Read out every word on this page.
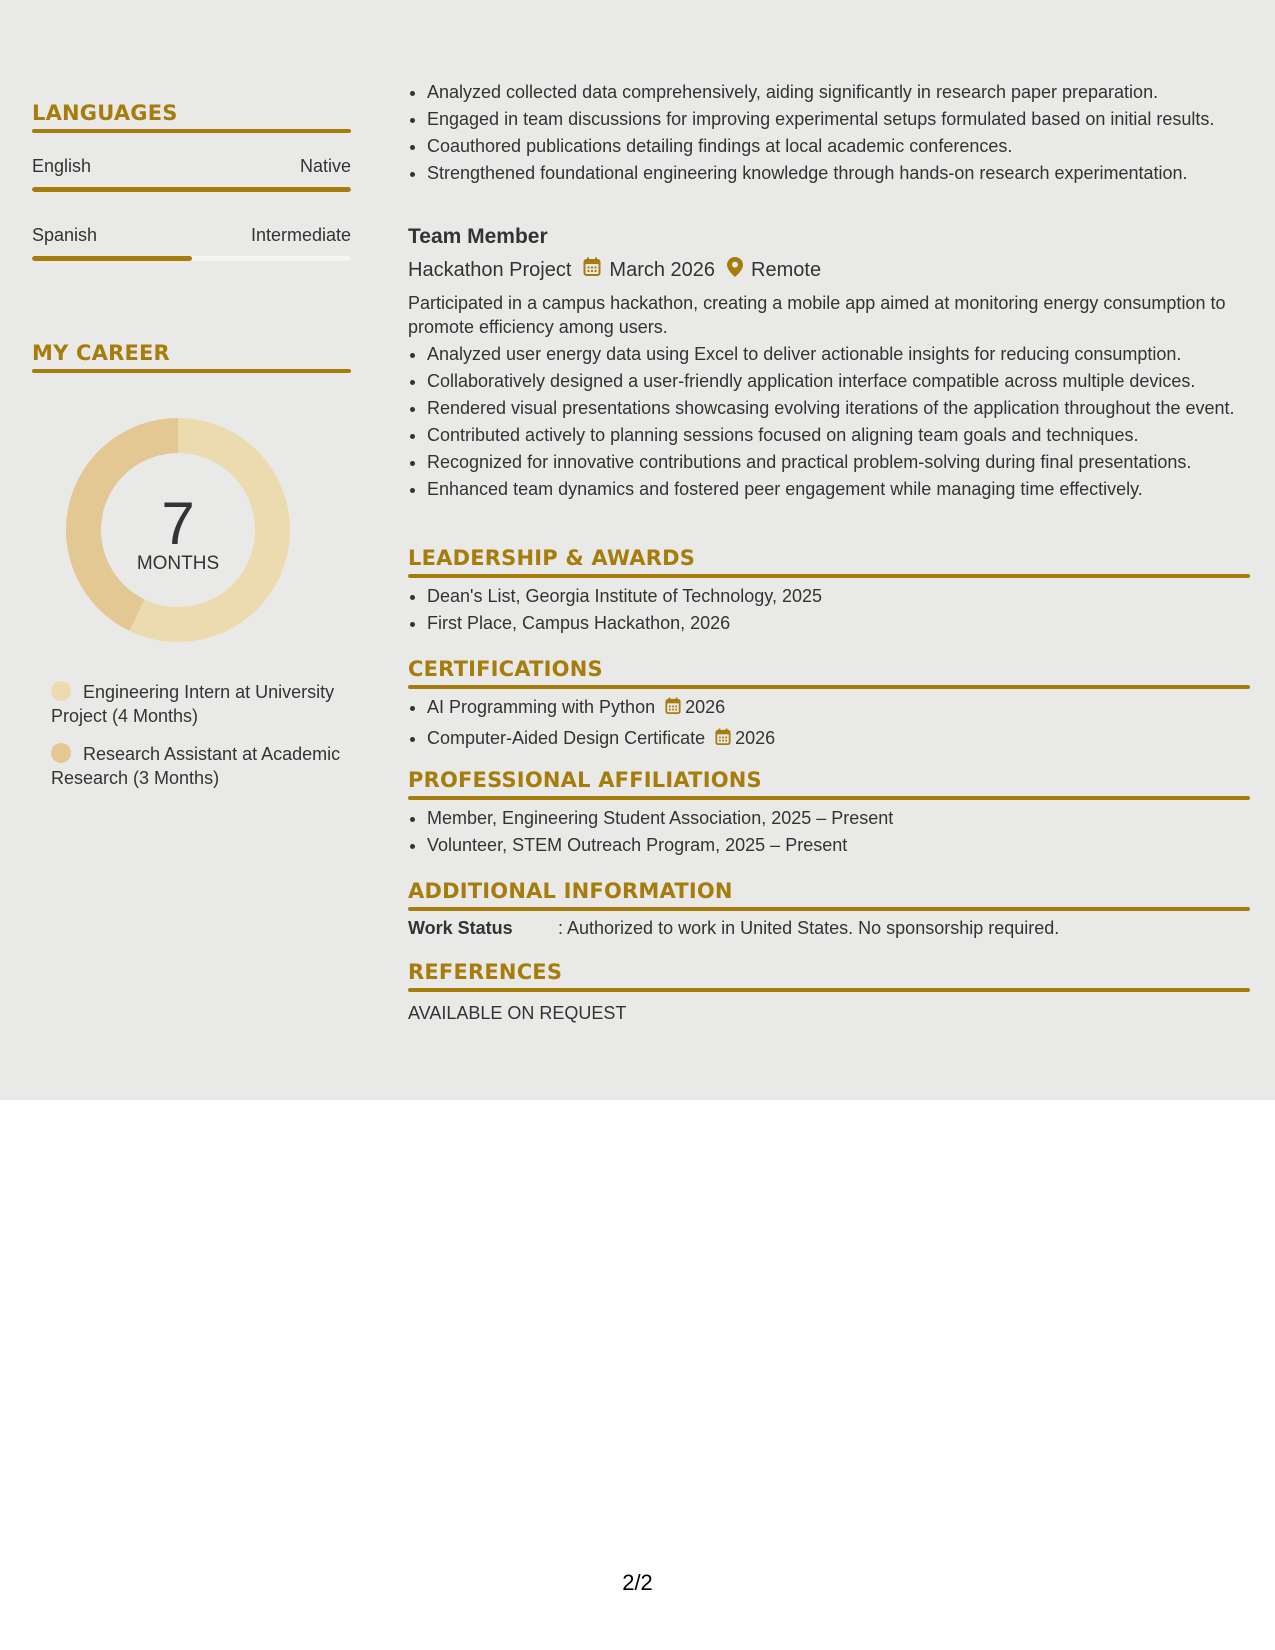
LANGUAGES
English	Native
Spanish	Intermediate
MY CAREER
7
MONTHS
Engineering Intern at University Project (4 Months)
Research Assistant at Academic Research (3 Months)
• Analyzed collected data comprehensively, aiding significantly in research paper preparation.
• Engaged in team discussions for improving experimental setups formulated based on initial results.
• Coauthored publications detailing findings at local academic conferences.
• Strengthened foundational engineering knowledge through hands-on research experimentation.
Team Member
Hackathon Project March 2026 Remote
Participated in a campus hackathon, creating a mobile app aimed at monitoring energy consumption to promote efficiency among users.
• Analyzed user energy data using Excel to deliver actionable insights for reducing consumption.
• Collaboratively designed a user-friendly application interface compatible across multiple devices.
• Rendered visual presentations showcasing evolving iterations of the application throughout the event.
• Contributed actively to planning sessions focused on aligning team goals and techniques.
• Recognized for innovative contributions and practical problem-solving during final presentations.
• Enhanced team dynamics and fostered peer engagement while managing time effectively.
LEADERSHIP & AWARDS
• Dean's List, Georgia Institute of Technology, 2025
• First Place, Campus Hackathon, 2026
CERTIFICATIONS
• AI Programming with Python 2026
• Computer-Aided Design Certificate 2026
PROFESSIONAL AFFILIATIONS
• Member, Engineering Student Association, 2025 – Present
• Volunteer, STEM Outreach Program, 2025 – Present
ADDITIONAL INFORMATION
Work Status	: Authorized to work in United States. No sponsorship required.
REFERENCES
AVAILABLE ON REQUEST
2/2
